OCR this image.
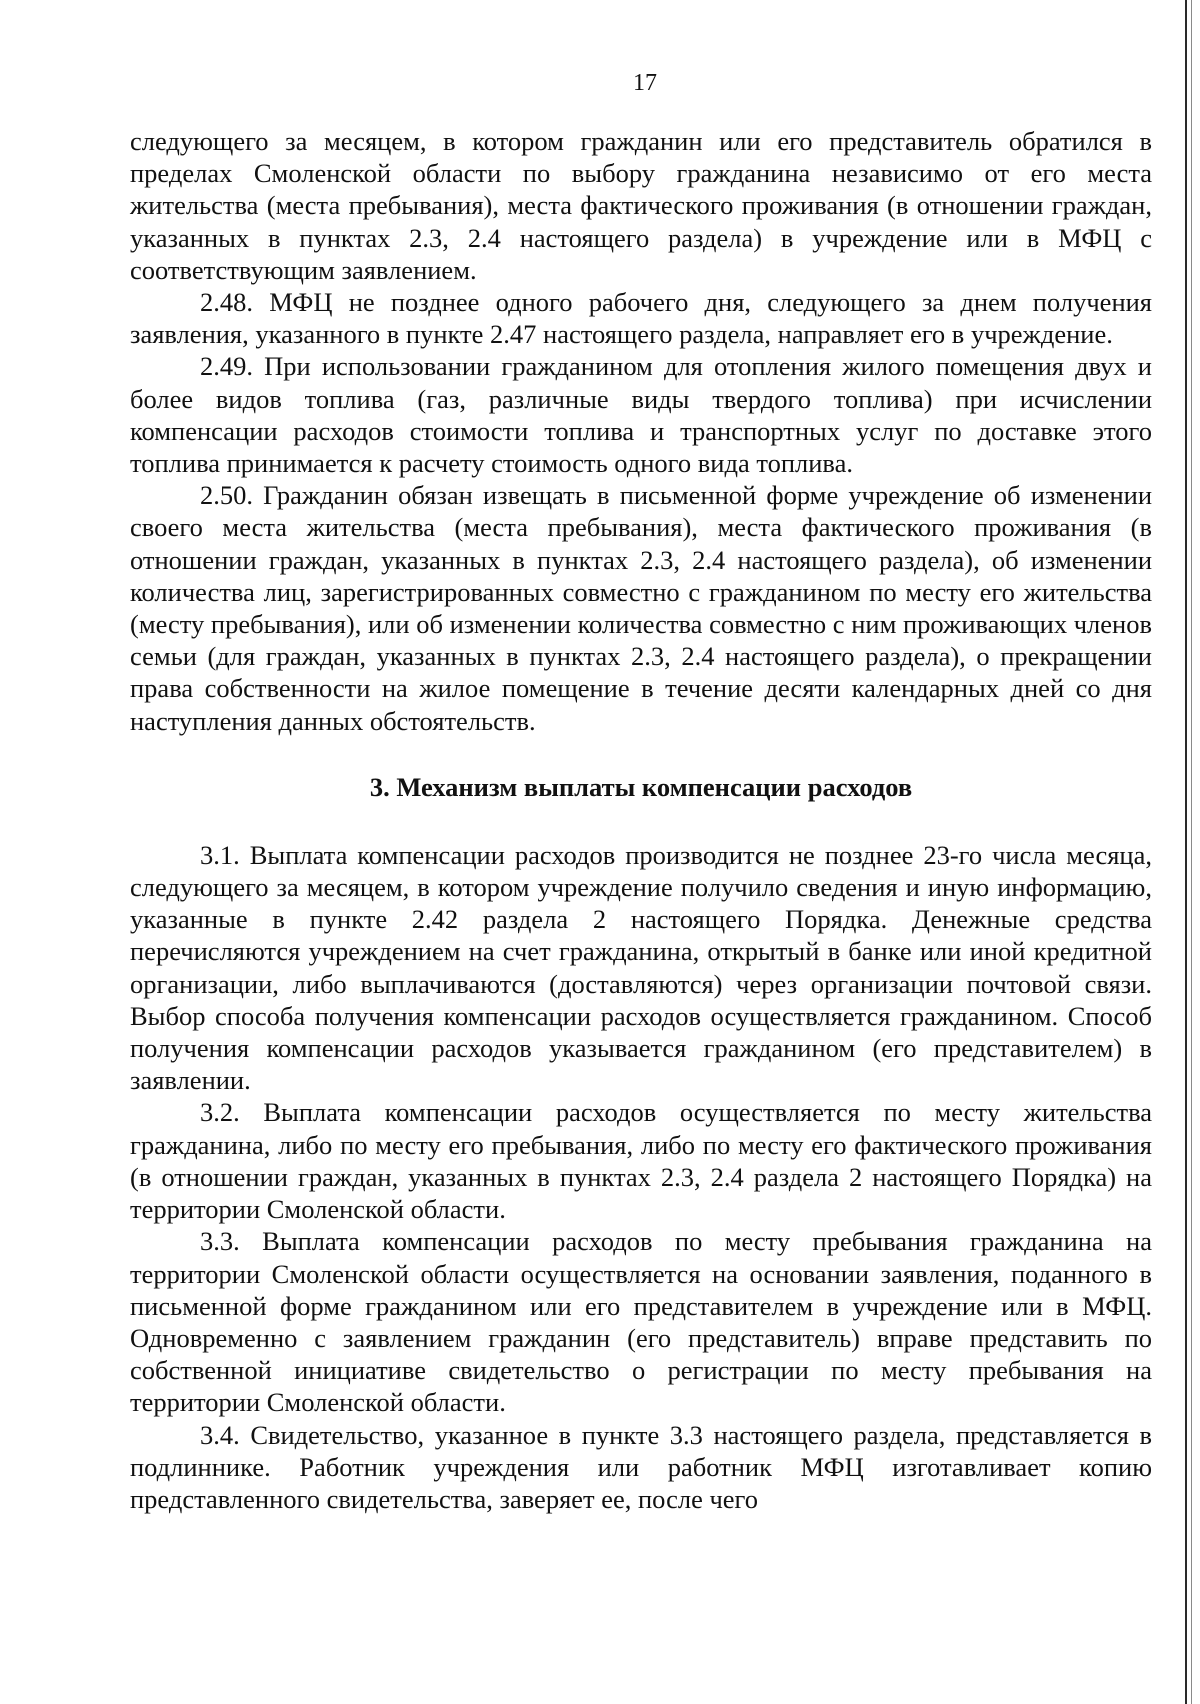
17

следующего за месяцем, в котором гражданин или его представитель обратился в пределах Смоленской области по выбору гражданина независимо от его места жительства (места пребывания), места фактического проживания (в отношении граждан, указанных в пунктах 2.3, 2.4 настоящего раздела) в учреждение или в МФЦ с соответствующим заявлением.

2.48. МФЦ не позднее одного рабочего дня, следующего за днем получения заявления, указанного в пункте 2.47 настоящего раздела, направляет его в учреждение.

2.49. При использовании гражданином для отопления жилого помещения двух и более видов топлива (газ, различные виды твердого топлива) при исчислении компенсации расходов стоимости топлива и транспортных услуг по доставке этого топлива принимается к расчету стоимость одного вида топлива.

2.50. Гражданин обязан извещать в письменной форме учреждение об изменении своего места жительства (места пребывания), места фактического проживания (в отношении граждан, указанных в пунктах 2.3, 2.4 настоящего раздела), об изменении количества лиц, зарегистрированных совместно с гражданином по месту его жительства (месту пребывания), или об изменении количества совместно с ним проживающих членов семьи (для граждан, указанных в пунктах 2.3, 2.4 настоящего раздела), о прекращении права собственности на жилое помещение в течение десяти календарных дней со дня наступления данных обстоятельств.

3. Механизм выплаты компенсации расходов

3.1. Выплата компенсации расходов производится не позднее 23-го числа месяца, следующего за месяцем, в котором учреждение получило сведения и иную информацию, указанные в пункте 2.42 раздела 2 настоящего Порядка. Денежные средства перечисляются учреждением на счет гражданина, открытый в банке или иной кредитной организации, либо выплачиваются (доставляются) через организации почтовой связи. Выбор способа получения компенсации расходов осуществляется гражданином. Способ получения компенсации расходов указывается гражданином (его представителем) в заявлении.

3.2. Выплата компенсации расходов осуществляется по месту жительства гражданина, либо по месту его пребывания, либо по месту его фактического проживания (в отношении граждан, указанных в пунктах 2.3, 2.4 раздела 2 настоящего Порядка) на территории Смоленской области.

3.3. Выплата компенсации расходов по месту пребывания гражданина на территории Смоленской области осуществляется на основании заявления, поданного в письменной форме гражданином или его представителем в учреждение или в МФЦ. Одновременно с заявлением гражданин (его представитель) вправе представить по собственной инициативе свидетельство о регистрации по месту пребывания на территории Смоленской области.

3.4. Свидетельство, указанное в пункте 3.3 настоящего раздела, представляется в подлиннике. Работник учреждения или работник МФЦ изготавливает копию представленного свидетельства, заверяет ее, после чего
